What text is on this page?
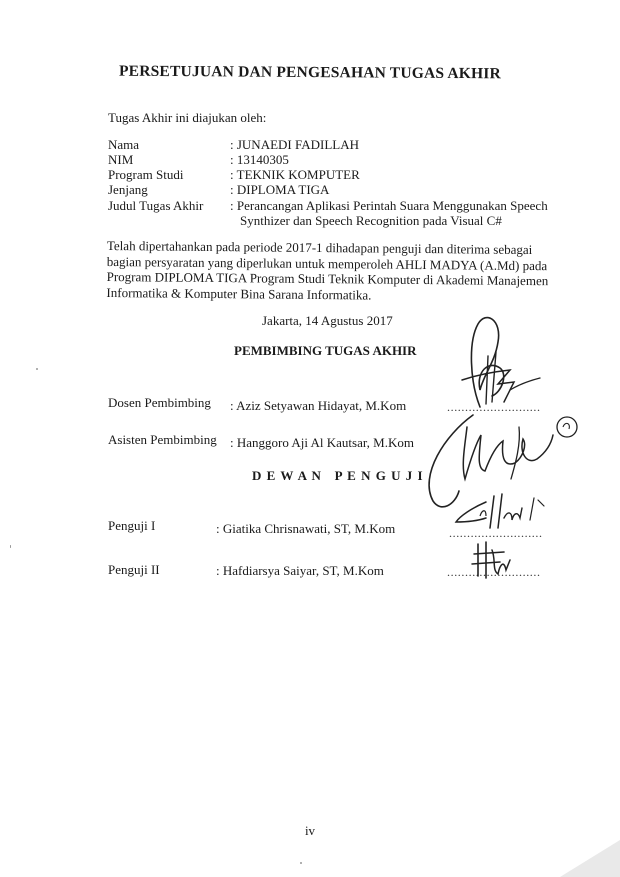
PERSETUJUAN DAN PENGESAHAN TUGAS AKHIR
Tugas Akhir ini diajukan oleh:
Nama	: JUNAEDI FADILLAH
NIM	: 13140305
Program Studi	: TEKNIK KOMPUTER
Jenjang	: DIPLOMA TIGA
Judul Tugas Akhir	: Perancangan Aplikasi Perintah Suara Menggunakan Speech
Synthizer dan Speech Recognition pada Visual C#
Telah dipertahankan pada periode 2017-1 dihadapan penguji dan diterima sebagai
bagian persyaratan yang diperlukan untuk memperoleh AHLI MADYA (A.Md) pada
Program DIPLOMA TIGA Program Studi Teknik Komputer di Akademi Manajemen
Informatika & Komputer Bina Sarana Informatika.
Jakarta, 14 Agustus 2017
PEMBIMBING TUGAS AKHIR
Dosen Pembimbing : Aziz Setyawan Hidayat, M.Kom	..........................
Asisten Pembimbing : Hanggoro Aji Al Kautsar, M.Kom
D E W A N   P E N G U J I
Penguji I	: Giatika Chrisnawati, ST, M.Kom	..........................
Penguji II	: Hafdiarsya Saiyar, ST, M.Kom	..........................
iv
